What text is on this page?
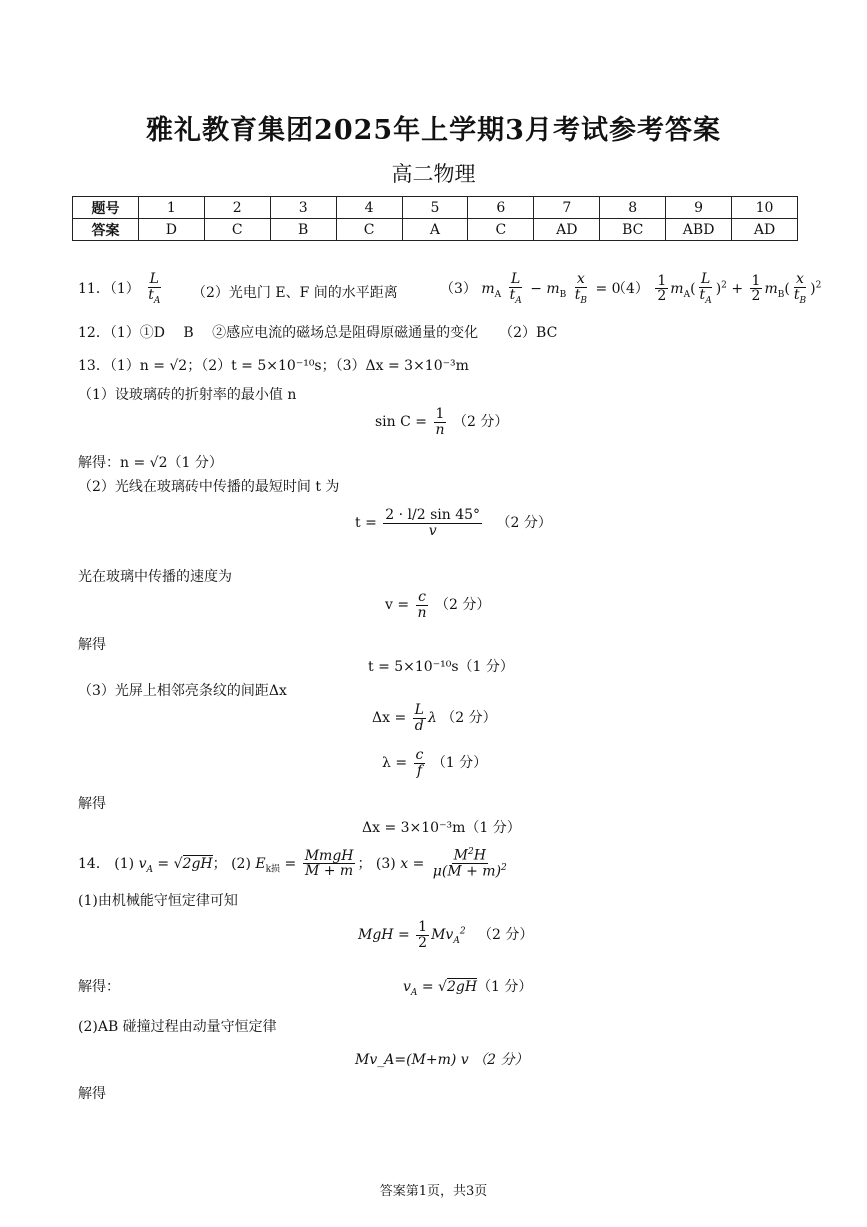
雅礼教育集团2025年上学期3月考试参考答案
高二物理
题号	1	2	3	4	5	6	7	8	9	10
答案	D	C	B	C	A	C	AD	BC	ABD	AD
11．$(1) \frac{L}{t_A} (2)$光电门 E、F 间的水平距离	（3） $m_A \frac{L}{t_A} - m_B \frac{x}{t_B} = 0$
$(4) \frac{1}{2} m_A( \frac{L}{t_A} )^2 + \frac{1}{2} m_B( \frac{x}{t_B} )^2$
12．（1）①D　 B　 ②感应电流的磁场总是阻碍原磁通量的变化　　（2）BC
13．（1）n = √2；（2）t = 5×10⁻¹⁰s；（3）Δx = 3×10⁻³m
（1）设玻璃砖的折射率的最小值 n
$\sin C = \frac{1}{n} (2$ 分）
解得：n = √2（1 分）
（2）光线在玻璃砖中传播的最短时间 t 为
$t = \frac{2 \cdot l/2 \sin 45^\circ}{v} (2$ 分）
光在玻璃中传播的速度为
$v = \frac{c}{n} (2$ 分）
解得
t = 5×10⁻¹⁰s（1 分）
（3）光屏上相邻亮条纹的间距Δx
$\Delta x = \frac{L}{d}$ λ （2 分）
$\lambda = \frac{c}{f} (1$ 分）
解得
Δx = 3×10⁻³m（1 分）
14． (1) $v_A = √2gH$； (2) $E_{k损} = \frac{\text{MmgH}}{M + m}$ ； (3) $x = \frac{M^2H}{\mu(M + m)^2}$
(1)由机械能守恒定律可知
MgH = $\frac{1}{2} Mv_A^2$ （2 分）
解得：	$v_A = √2gH(1$ 分）
(2)AB 碰撞过程由动量守恒定律
Mv_A=(M+m) v （2 分）
解得
答案第1页，共3页
